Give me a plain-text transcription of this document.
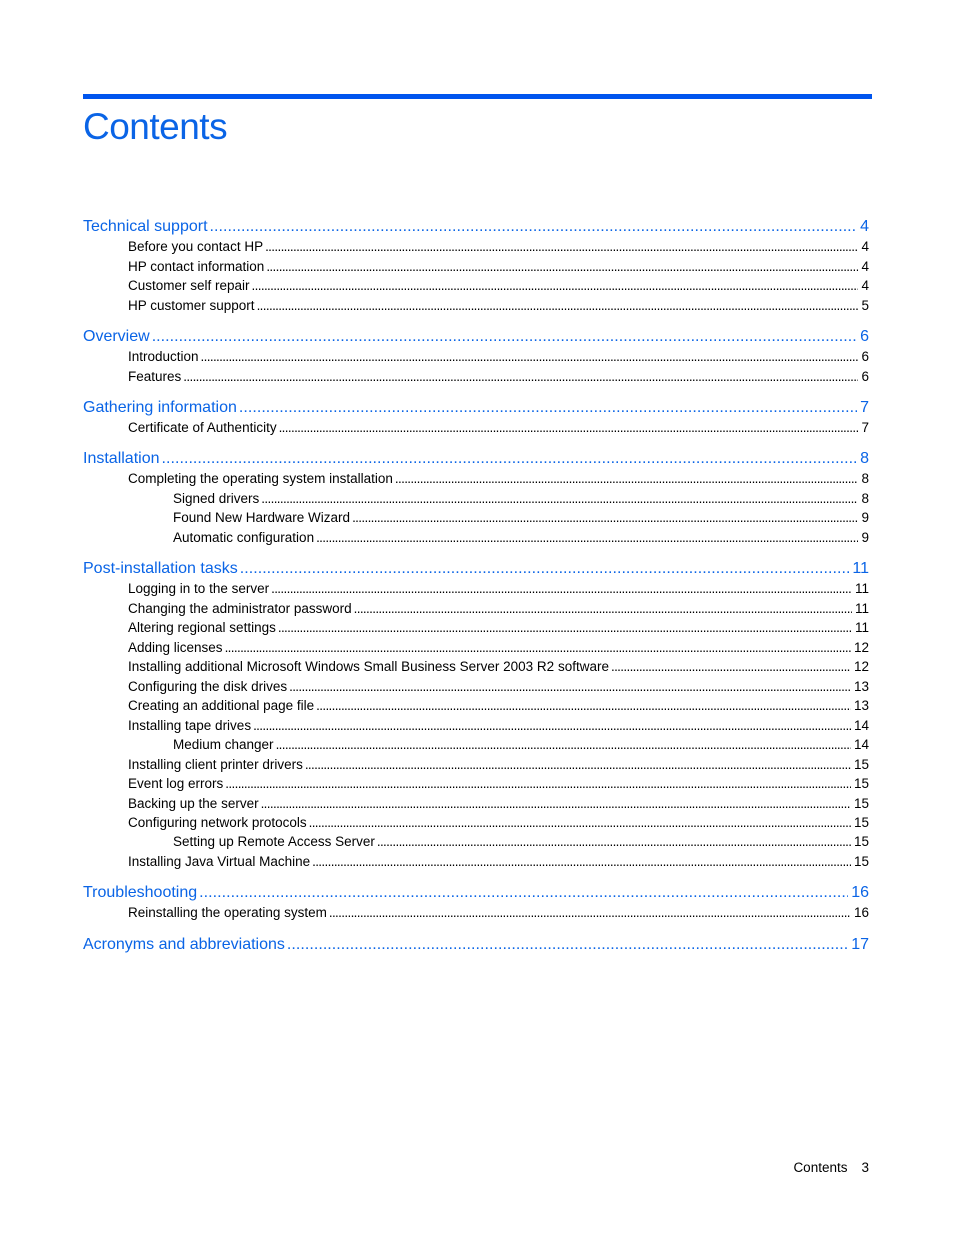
Contents
Technical support . . .	4
Before you contact HP . . .	4
HP contact information . . .	4
Customer self repair . . .	4
HP customer support . . .	5
Overview . . .	6
Introduction . . .	6
Features . . .	6
Gathering information . . .	7
Certificate of Authenticity . . .	7
Installation . . .	8
Completing the operating system installation . . .	8
Signed drivers . . .	8
Found New Hardware Wizard . . .	9
Automatic configuration . . .	9
Post-installation tasks . . .	11
Logging in to the server . . .	11
Changing the administrator password . . .	11
Altering regional settings . . .	11
Adding licenses . . .	12
Installing additional Microsoft Windows Small Business Server 2003 R2 software . . .	12
Configuring the disk drives . . .	13
Creating an additional page file . . .	13
Installing tape drives . . .	14
Medium changer . . .	14
Installing client printer drivers . . .	15
Event log errors . . .	15
Backing up the server . . .	15
Configuring network protocols . . .	15
Setting up Remote Access Server . . .	15
Installing Java Virtual Machine . . .	15
Troubleshooting . . .	16
Reinstalling the operating system . . .	16
Acronyms and abbreviations . . .	17
Contents 3
